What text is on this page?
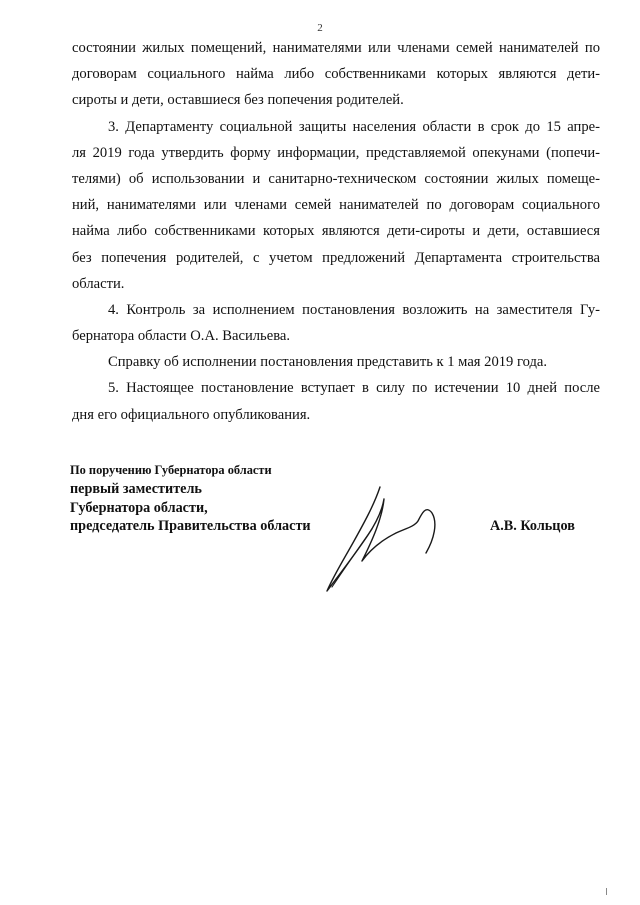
2
состоянии жилых помещений, нанимателями или членами семей нанимателей по
договорам социального найма либо собственниками которых являются дети-
сироты и дети, оставшиеся без попечения родителей.
3. Департаменту социальной защиты населения области в срок до 15 апре-
ля 2019 года утвердить форму информации, представляемой опекунами (попечи-
телями) об использовании и санитарно-техническом состоянии жилых помеще-
ний, нанимателями или членами семей нанимателей по договорам социального
найма либо собственниками которых являются дети-сироты и дети, оставшиеся
без попечения родителей, с учетом предложений Департамента строительства
области.
4. Контроль за исполнением постановления возложить на заместителя Гу-
бернатора области О.А. Васильева.
Справку об исполнении постановления представить к 1 мая 2019 года.
5. Настоящее постановление вступает в силу по истечении 10 дней после
дня его официального опубликования.
По поручению Губернатора области
первый заместитель
Губернатора области,
председатель Правительства области	А.В. Кольцов
